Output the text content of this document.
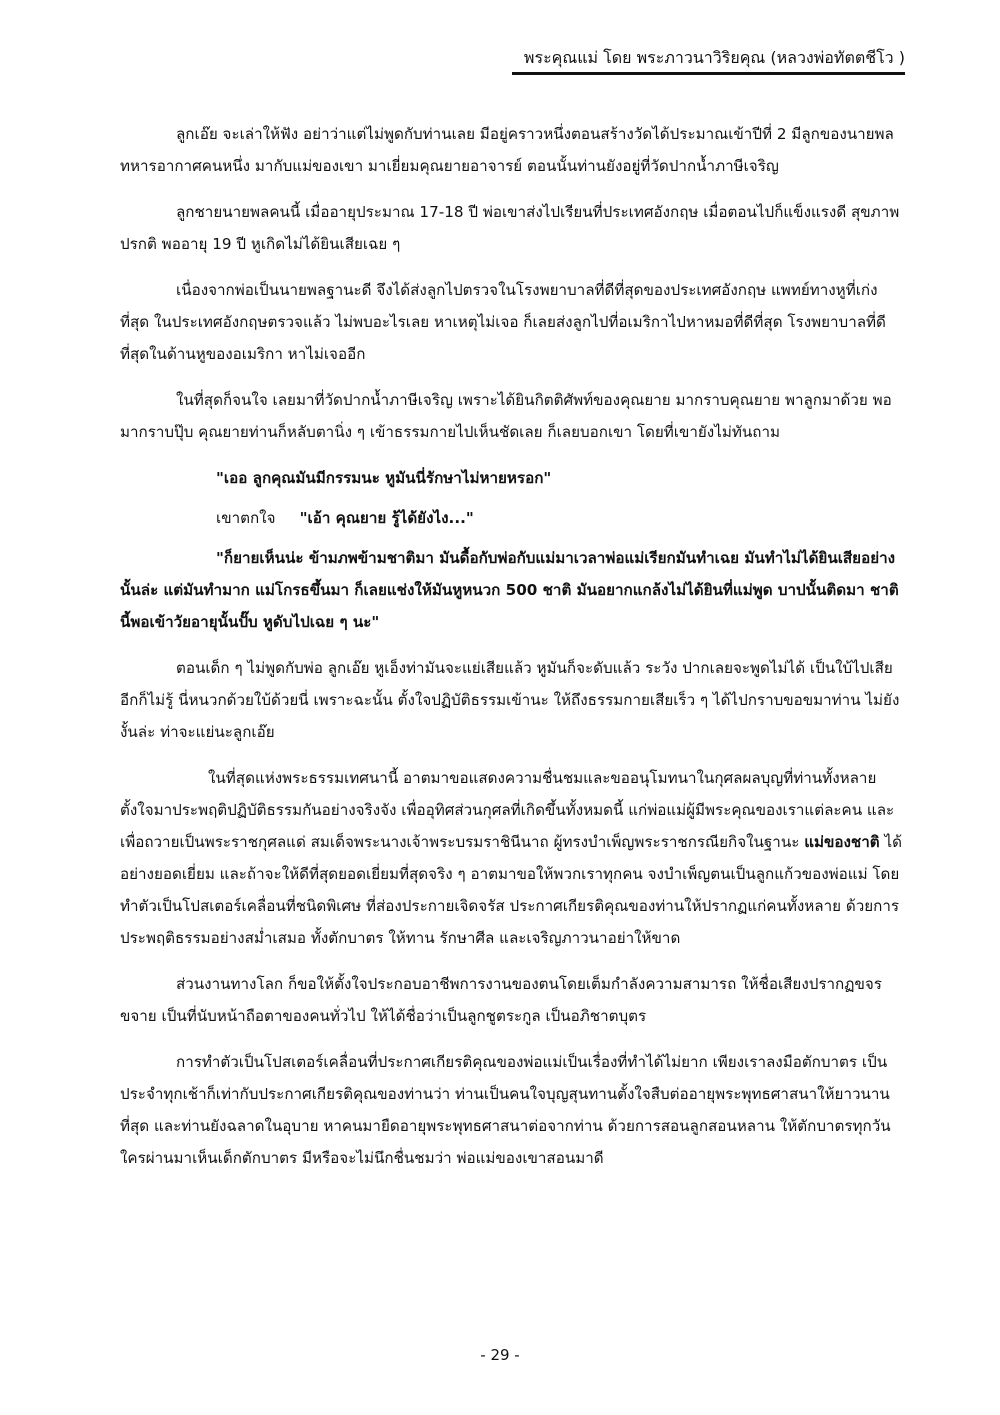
พระคุณแม่ โดย พระภาวนาวิริยคุณ (หลวงพ่อทัตตชีโว )

ลูกเอ๊ย จะเล่าให้ฟัง อย่าว่าแต่ไม่พูดกับท่านเลย มีอยู่คราวหนึ่งตอนสร้างวัดได้ประมาณเข้าปีที่ 2 มีลูกของนายพลทหารอากาศคนหนึ่ง มากับแม่ของเขา มาเยี่ยมคุณยายอาจารย์ ตอนนั้นท่านยังอยู่ที่วัดปากน้ำภาษีเจริญ

ลูกชายนายพลคนนี้ เมื่ออายุประมาณ 17-18 ปี พ่อเขาส่งไปเรียนที่ประเทศอังกฤษ เมื่อตอนไปก็แข็งแรงดี สุขภาพปรกติ พออายุ 19 ปี หูเกิดไม่ได้ยินเสียเฉย ๆ

เนื่องจากพ่อเป็นนายพลฐานะดี จึงได้ส่งลูกไปตรวจในโรงพยาบาลที่ดีที่สุดของประเทศอังกฤษ แพทย์ทางหูที่เก่งที่สุด ในประเทศอังกฤษตรวจแล้ว ไม่พบอะไรเลย หาเหตุไม่เจอ ก็เลยส่งลูกไปที่อเมริกาไปหาหมอที่ดีที่สุด โรงพยาบาลที่ดีที่สุดในด้านหูของอเมริกา หาไม่เจออีก

ในที่สุดก็จนใจ เลยมาที่วัดปากน้ำภาษีเจริญ เพราะได้ยินกิตติศัพท์ของคุณยาย มากราบคุณยาย พาลูกมาด้วย พอมากราบปุ๊บ คุณยายท่านก็หลับตานิ่ง ๆ เข้าธรรมกายไปเห็นชัดเลย ก็เลยบอกเขา โดยที่เขายังไม่ทันถาม

"เออ ลูกคุณมันมีกรรมนะ หูมันนี่รักษาไม่หายหรอก"

เขาตกใจ "เอ้า คุณยาย รู้ได้ยังไง..."

"ก็ยายเห็นน่ะ ข้ามภพข้ามชาติมา มันดื้อกับพ่อกับแม่มาเวลาพ่อแม่เรียกมันทำเฉย มันทำไม่ได้ยินเสียอย่างนั้นล่ะ แต่มันทำมาก แม่โกรธขึ้นมา ก็เลยแช่งให้มันหูหนวก 500 ชาติ มันอยากแกล้งไม่ได้ยินที่แม่พูด บาปนั้นติดมา ชาตินี้พอเข้าวัยอายุนั้นปั๊บ หูดับไปเฉย ๆ นะ"

ตอนเด็ก ๆ ไม่พูดกับพ่อ ลูกเอ๊ย หูเอ็งท่ามันจะแย่เสียแล้ว หูมันก็จะดับแล้ว ระวัง ปากเลยจะพูดไม่ได้ เป็นใบ้ไปเสียอีกก็ไม่รู้ นี่หนวกด้วยใบ้ด้วยนี่ เพราะฉะนั้น ตั้งใจปฏิบัติธรรมเข้านะ ให้ถึงธรรมกายเสียเร็ว ๆ ได้ไปกราบขอขมาท่าน ไม่ยังงั้นล่ะ ท่าจะแย่นะลูกเอ๊ย

ในที่สุดแห่งพระธรรมเทศนานี้ อาตมาขอแสดงความชื่นชมและขออนุโมทนาในกุศลผลบุญที่ท่านทั้งหลาย ตั้งใจมาประพฤติปฏิบัติธรรมกันอย่างจริงจัง เพื่ออุทิศส่วนกุศลที่เกิดขึ้นทั้งหมดนี้ แก่พ่อแม่ผู้มีพระคุณของเราแต่ละคน และเพื่อถวายเป็นพระราชกุศลแด่ สมเด็จพระนางเจ้าพระบรมราชินีนาถ ผู้ทรงบำเพ็ญพระราชกรณียกิจในฐานะ แม่ของชาติ ได้อย่างยอดเยี่ยม และถ้าจะให้ดีที่สุดยอดเยี่ยมที่สุดจริง ๆ อาตมาขอให้พวกเราทุกคน จงบำเพ็ญตนเป็นลูกแก้วของพ่อแม่ โดยทำตัวเป็นโปสเตอร์เคลื่อนที่ชนิดพิเศษ ที่ส่องประกายเจิดจรัส ประกาศเกียรติคุณของท่านให้ปรากฏแก่คนทั้งหลาย ด้วยการประพฤติธรรมอย่างสม่ำเสมอ ทั้งตักบาตร ให้ทาน รักษาศีล และเจริญภาวนาอย่าให้ขาด

ส่วนงานทางโลก ก็ขอให้ตั้งใจประกอบอาชีพการงานของตนโดยเต็มกำลังความสามารถ ให้ชื่อเสียงปรากฏขจรขจาย เป็นที่นับหน้าถือตาของคนทั่วไป ให้ได้ชื่อว่าเป็นลูกชูตระกูล เป็นอภิชาตบุตร

การทำตัวเป็นโปสเตอร์เคลื่อนที่ประกาศเกียรติคุณของพ่อแม่เป็นเรื่องที่ทำได้ไม่ยาก เพียงเราลงมือตักบาตร เป็นประจำทุกเช้าก็เท่ากับประกาศเกียรติคุณของท่านว่า ท่านเป็นคนใจบุญสุนทานตั้งใจสืบต่ออายุพระพุทธศาสนาให้ยาวนานที่สุด และท่านยังฉลาดในอุบาย หาคนมายืดอายุพระพุทธศาสนาต่อจากท่าน ด้วยการสอนลูกสอนหลาน ให้ตักบาตรทุกวัน ใครผ่านมาเห็นเด็กตักบาตร มีหรือจะไม่นึกชื่นชมว่า พ่อแม่ของเขาสอนมาดี

- 29 -
